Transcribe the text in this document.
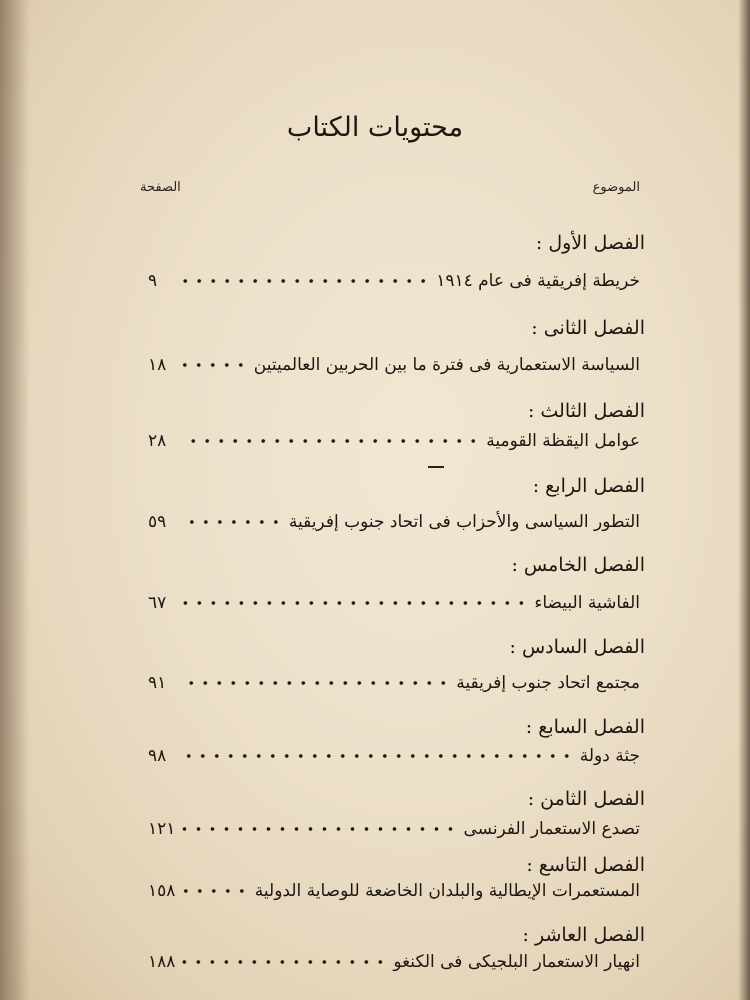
محتويات الكتاب
الموضوع
الصفحة
الفصل الأول :
خريطة إفريقية فى عام ١٩١٤
٩
الفصل الثانى :
السياسة الاستعمارية فى فترة ما بين الحربين العالميتين
١٨
الفصل الثالث :
عوامل اليقظة القومية
٢٨
الفصل الرابع :
التطور السياسى والأحزاب فى اتحاد جنوب إفريقية
٥٩
الفصل الخامس :
الفاشية البيضاء
٦٧
الفصل السادس :
مجتمع اتحاد جنوب إفريقية
٩١
الفصل السابع :
جثة دولة
٩٨
الفصل الثامن :
تصدع الاستعمار الفرنسى
١٢١
الفصل التاسع :
المستعمرات الإيطالية والبلدان الخاضعة للوصاية الدولية
١٥٨
الفصل العاشر :
انهيار الاستعمار البلجيكى فى الكنغو
١٨٨
